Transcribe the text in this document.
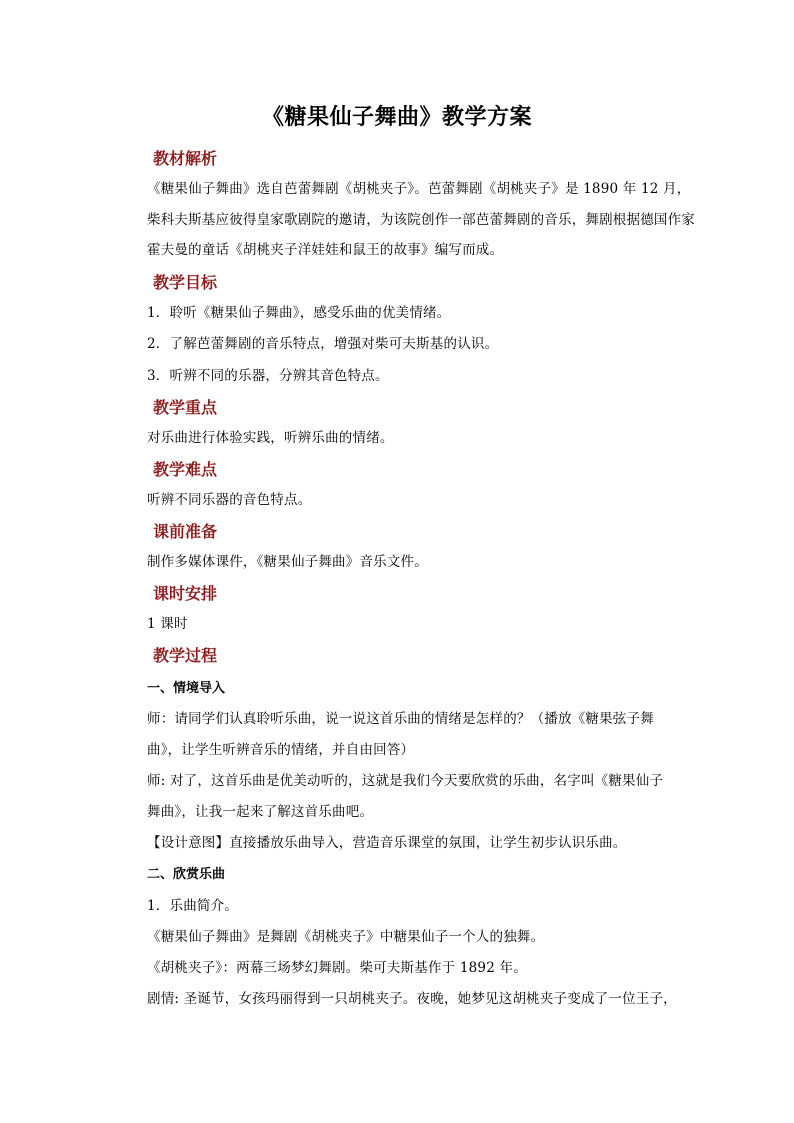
《糖果仙子舞曲》教学方案
教材解析
《糖果仙子舞曲》选自芭蕾舞剧《胡桃夹子》。芭蕾舞剧《胡桃夹子》是 1890 年 12 月，
柴科夫斯基应彼得皇家歌剧院的邀请，为该院创作一部芭蕾舞剧的音乐，舞剧根据德国作家
霍夫曼的童话《胡桃夹子洋娃娃和鼠王的故事》编写而成。
教学目标
1．聆听《糖果仙子舞曲》，感受乐曲的优美情绪。
2．了解芭蕾舞剧的音乐特点，增强对柴可夫斯基的认识。
3．听辨不同的乐器，分辨其音色特点。
教学重点
对乐曲进行体验实践，听辨乐曲的情绪。
教学难点
听辨不同乐器的音色特点。
课前准备
制作多媒体课件，《糖果仙子舞曲》音乐文件。
课时安排
1 课时
教学过程
一、情境导入
师：请同学们认真聆听乐曲，说一说这首乐曲的情绪是怎样的？（播放《糖果弦子舞
曲》，让学生听辨音乐的情绪，并自由回答）
师: 对了，这首乐曲是优美动听的，这就是我们今天要欣赏的乐曲，名字叫《糖果仙子
舞曲》，让我一起来了解这首乐曲吧。
【设计意图】直接播放乐曲导入，营造音乐课堂的氛围，让学生初步认识乐曲。
二、欣赏乐曲
1．乐曲简介。
《糖果仙子舞曲》是舞剧《胡桃夹子》中糖果仙子一个人的独舞。
《胡桃夹子》：两幕三场梦幻舞剧。柴可夫斯基作于 1892 年。
剧情: 圣诞节，女孩玛丽得到一只胡桃夹子。夜晚，她梦见这胡桃夹子变成了一位王子，
